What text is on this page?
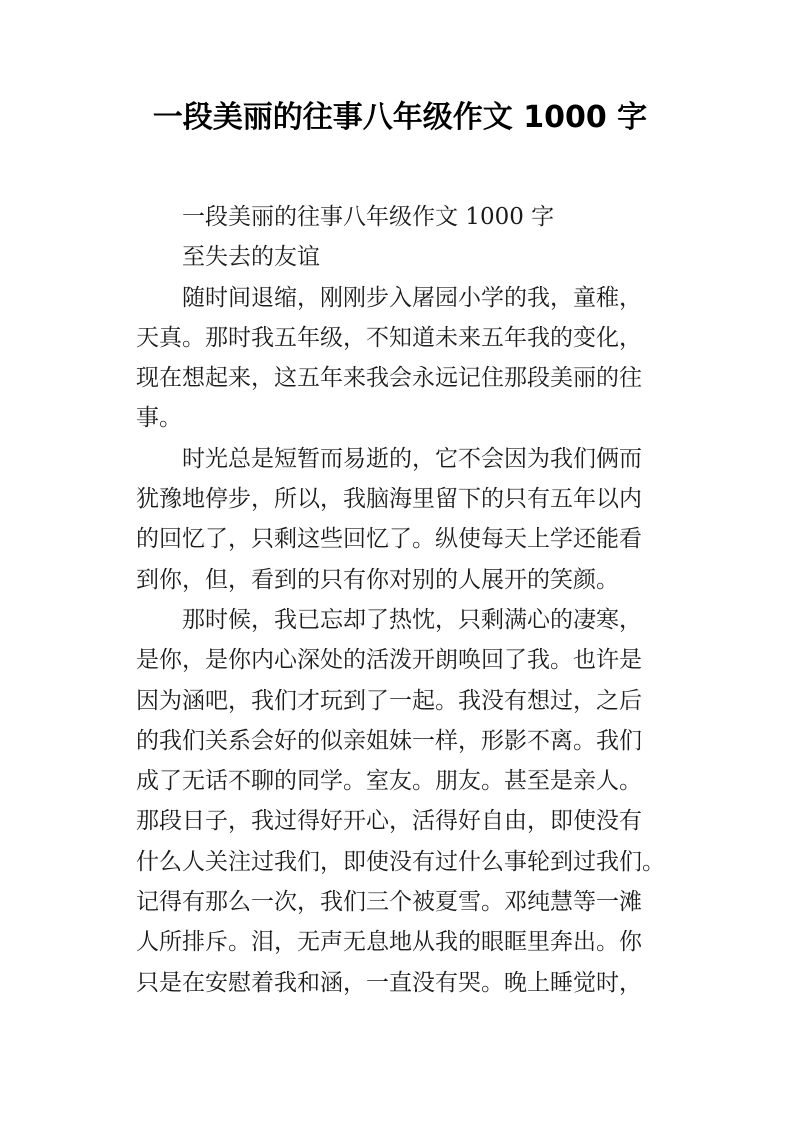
一段美丽的往事八年级作文 1000 字
一段美丽的往事八年级作文 1000 字
至失去的友谊
随时间退缩，刚刚步入屠园小学的我，童稚，
天真。那时我五年级，不知道未来五年我的变化，
现在想起来，这五年来我会永远记住那段美丽的往
事。
时光总是短暂而易逝的，它不会因为我们俩而
犹豫地停步，所以，我脑海里留下的只有五年以内
的回忆了，只剩这些回忆了。纵使每天上学还能看
到你，但，看到的只有你对别的人展开的笑颜。
那时候，我已忘却了热忱，只剩满心的凄寒，
是你，是你内心深处的活泼开朗唤回了我。也许是
因为涵吧，我们才玩到了一起。我没有想过，之后
的我们关系会好的似亲姐妹一样，形影不离。我们
成了无话不聊的同学。室友。朋友。甚至是亲人。
那段日子，我过得好开心，活得好自由，即使没有
什么人关注过我们，即使没有过什么事轮到过我们。
记得有那么一次，我们三个被夏雪。邓纯慧等一滩
人所排斥。泪，无声无息地从我的眼眶里奔出。你
只是在安慰着我和涵，一直没有哭。晚上睡觉时，
